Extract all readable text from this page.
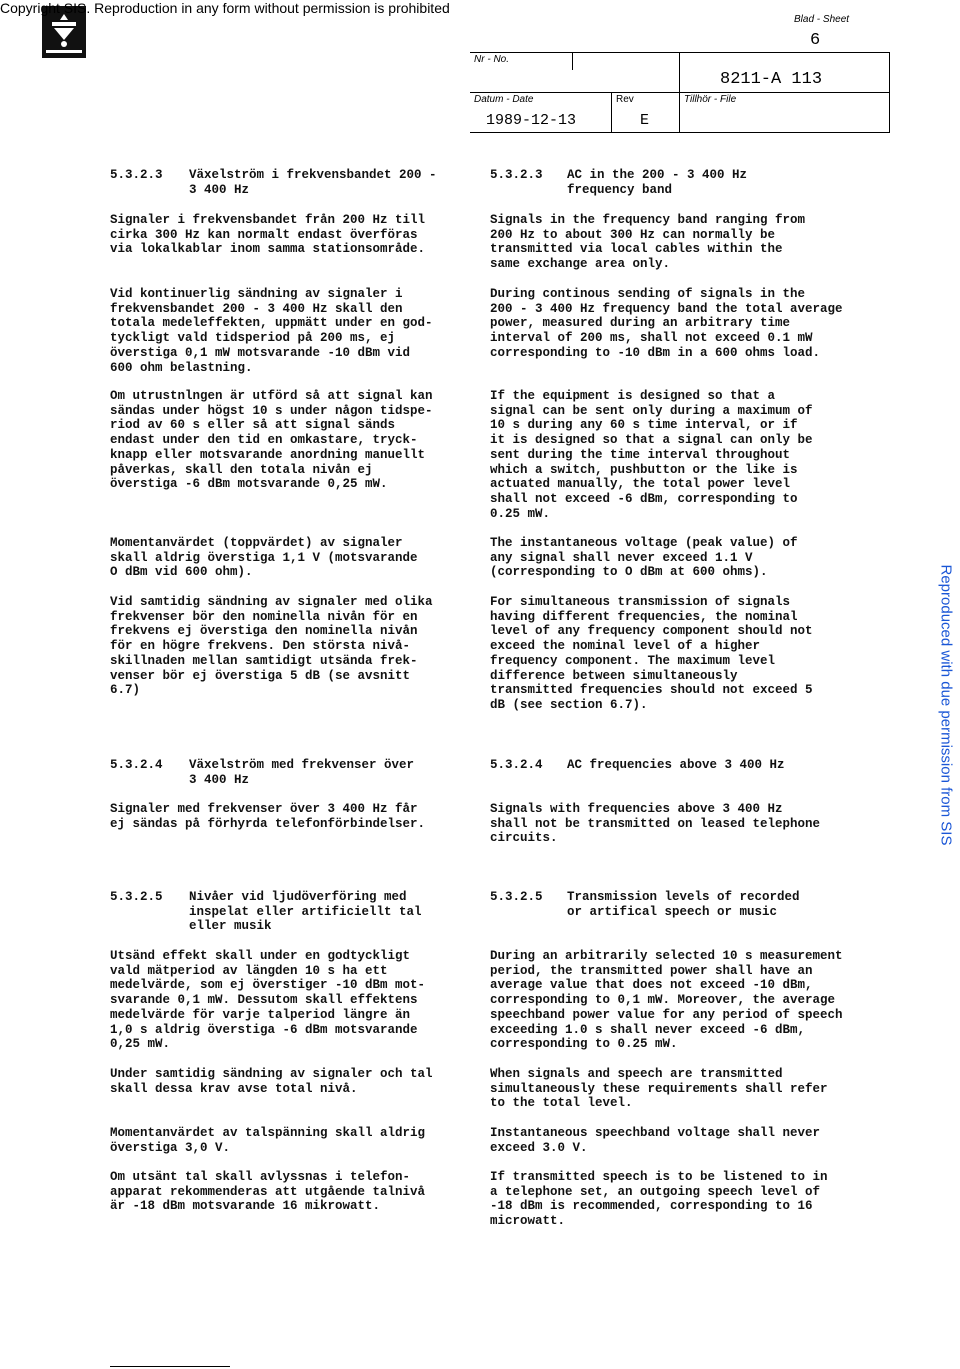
Copyright SIS. Reproduction in any form without permission is prohibited
Reproduced with due permission from SIS
Blad - Sheet
6
Nr - No.
8211-A 113
Datum - Date	Rev	Tillhör - File
1989-12-13	E
5.3.2.3 Växelström i frekvensbandet 200 -
3 400 Hz
Signaler i frekvensbandet från 200 Hz till
cirka 300 Hz kan normalt endast överföras
via lokalkablar inom samma stationsområde.
Vid kontinuerlig sändning av signaler i
frekvensbandet 200 - 3 400 Hz skall den
totala medeleffekten, uppmätt under en god-
tyckligt vald tidsperiod på 200 ms, ej
överstiga 0,1 mW motsvarande -10 dBm vid
600 ohm belastning.
Om utrustnlngen är utförd så att signal kan
sändas under högst 10 s under någon tidspe-
riod av 60 s eller så att signal sänds
endast under den tid en omkastare, tryck-
knapp eller motsvarande anordning manuellt
påverkas, skall den totala nivån ej
överstiga -6 dBm motsvarande 0,25 mW.
Momentanvärdet (toppvärdet) av signaler
skall aldrig överstiga 1,1 V (motsvarande
O dBm vid 600 ohm).
Vid samtidig sändning av signaler med olika
frekvenser bör den nominella nivån för en
frekvens ej överstiga den nominella nivån
för en högre frekvens. Den största nivå-
skillnaden mellan samtidigt utsända frek-
venser bör ej överstiga 5 dB (se avsnitt
6.7)
5.3.2.4 Växelström med frekvenser över
3 400 Hz
Signaler med frekvenser över 3 400 Hz får
ej sändas på förhyrda telefonförbindelser.
5.3.2.5 Nivåer vid ljudöverföring med
inspelat eller artificiellt tal
eller musik
Utsänd effekt skall under en godtyckligt
vald mätperiod av längden 10 s ha ett
medelvärde, som ej överstiger -10 dBm mot-
svarande 0,1 mW. Dessutom skall effektens
medelvärde för varje talperiod längre än
1,0 s aldrig överstiga -6 dBm motsvarande
0,25 mW.
Under samtidig sändning av signaler och tal
skall dessa krav avse total nivå.
Momentanvärdet av talspänning skall aldrig
överstiga 3,0 V.
Om utsänt tal skall avlyssnas i telefon-
apparat rekommenderas att utgående talnivå
är -18 dBm motsvarande 16 mikrowatt.
5.3.2.3 AC in the 200 - 3 400 Hz
frequency band
Signals in the frequency band ranging from
200 Hz to about 300 Hz can normally be
transmitted via local cables within the
same exchange area only.
During continous sending of signals in the
200 - 3 400 Hz frequency band the total average
power, measured during an arbitrary time
interval of 200 ms, shall not exceed 0.1 mW
corresponding to -10 dBm in a 600 ohms load.
If the equipment is designed so that a
signal can be sent only during a maximum of
10 s during any 60 s time interval, or if
it is designed so that a signal can only be
sent during the time interval throughout
which a switch, pushbutton or the like is
actuated manually, the total power level
shall not exceed -6 dBm, corresponding to
0.25 mW.
The instantaneous voltage (peak value) of
any signal shall never exceed 1.1 V
(corresponding to O dBm at 600 ohms).
For simultaneous transmission of signals
having different frequencies, the nominal
level of any frequency component should not
exceed the nominal level of a higher
frequency component. The maximum level
difference between simultaneously
transmitted frequencies should not exceed 5
dB (see section 6.7).
5.3.2.4 AC frequencies above 3 400 Hz
Signals with frequencies above 3 400 Hz
shall not be transmitted on leased telephone
circuits.
5.3.2.5 Transmission levels of recorded
or artifical speech or music
During an arbitrarily selected 10 s measurement
period, the transmitted power shall have an
average value that does not exceed -10 dBm,
corresponding to 0,1 mW. Moreover, the average
speechband power value for any period of speech
exceeding 1.0 s shall never exceed -6 dBm,
corresponding to 0.25 mW.
When signals and speech are transmitted
simultaneously these requirements shall refer
to the total level.
Instantaneous speechband voltage shall never
exceed 3.0 V.
If transmitted speech is to be listened to in
a telephone set, an outgoing speech level of
-18 dBm is recommended, corresponding to 16
microwatt.
